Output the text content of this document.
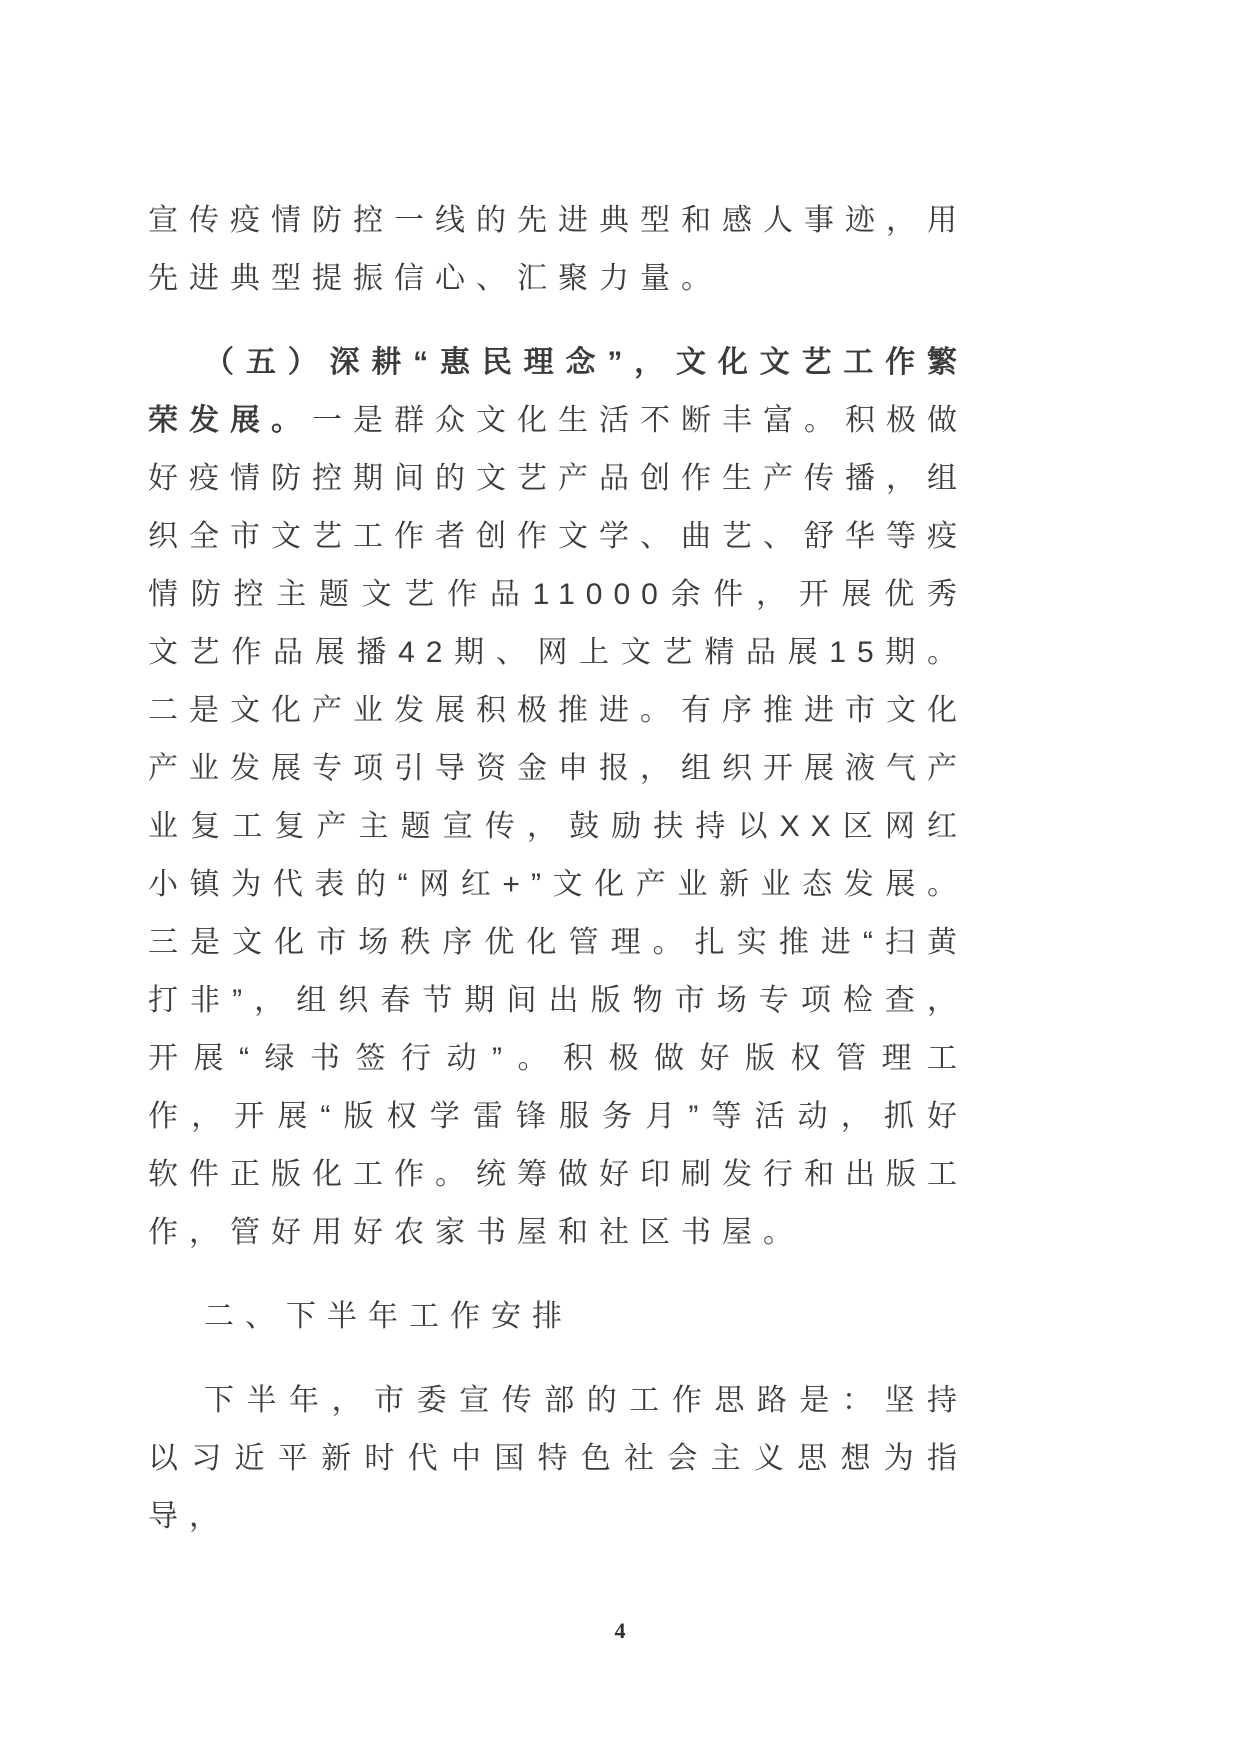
宣传疫情防控一线的先进典型和感人事迹，用先进典型提振信心、汇聚力量。

（五）深耕“惠民理念”，文化文艺工作繁荣发展。一是群众文化生活不断丰富。积极做好疫情防控期间的文艺产品创作生产传播，组织全市文艺工作者创作文学、曲艺、舒华等疫情防控主题文艺作品11000余件，开展优秀文艺作品展播42期、网上文艺精品展15期。二是文化产业发展积极推进。有序推进市文化产业发展专项引导资金申报，组织开展液气产业复工复产主题宣传，鼓励扶持以XX区网红小镇为代表的“网红+”文化产业新业态发展。三是文化市场秩序优化管理。扎实推进“扫黄打非”，组织春节期间出版物市场专项检查，开展“绿书签行动”。积极做好版权管理工作，开展“版权学雷锋服务月”等活动，抓好软件正版化工作。统筹做好印刷发行和出版工作，管好用好农家书屋和社区书屋。

二、下半年工作安排

下半年，市委宣传部的工作思路是：坚持以习近平新时代中国特色社会主义思想为指导，

4
